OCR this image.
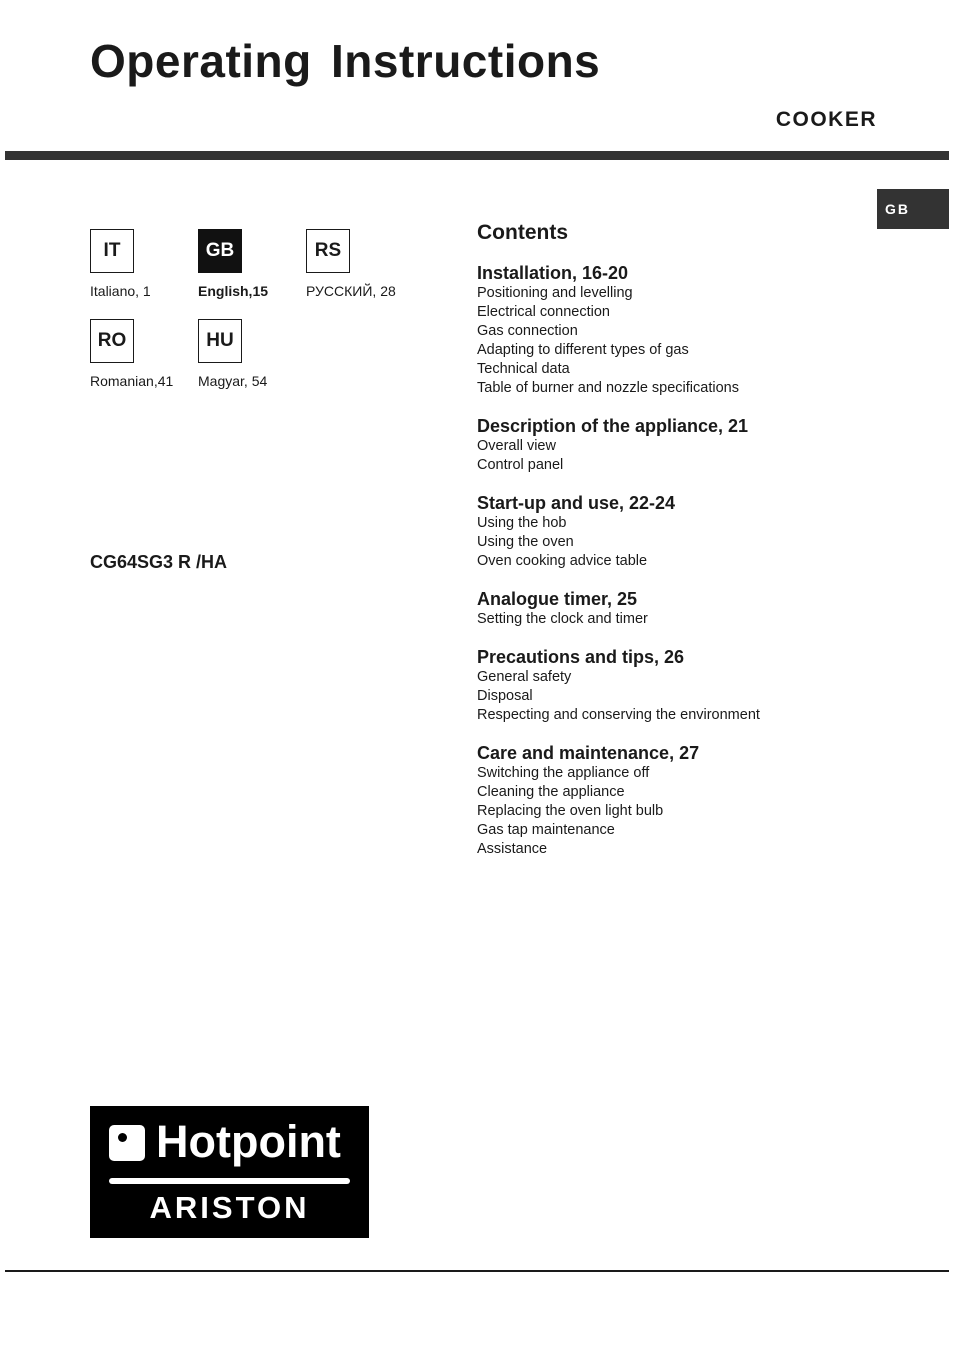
Operating Instructions
COOKER
GB
IT
Italiano, 1
GB
English,15
RS
РУССКИЙ, 28
RO
Romanian,41
HU
Magyar, 54
CG64SG3 R /HA
Contents
Installation, 16-20
Positioning and levelling
Electrical connection
Gas connection
Adapting to different types of gas
Technical data
Table of burner and nozzle specifications
Description of the appliance, 21
Overall view
Control panel
Start-up and use, 22-24
Using the hob
Using the oven
Oven cooking advice table
Analogue timer, 25
Setting the clock and timer
Precautions and tips, 26
General safety
Disposal
Respecting and conserving the environment
Care and maintenance, 27
Switching the appliance off
Cleaning the appliance
Replacing the oven light bulb
Gas tap maintenance
Assistance
Hotpoint
ARISTON
